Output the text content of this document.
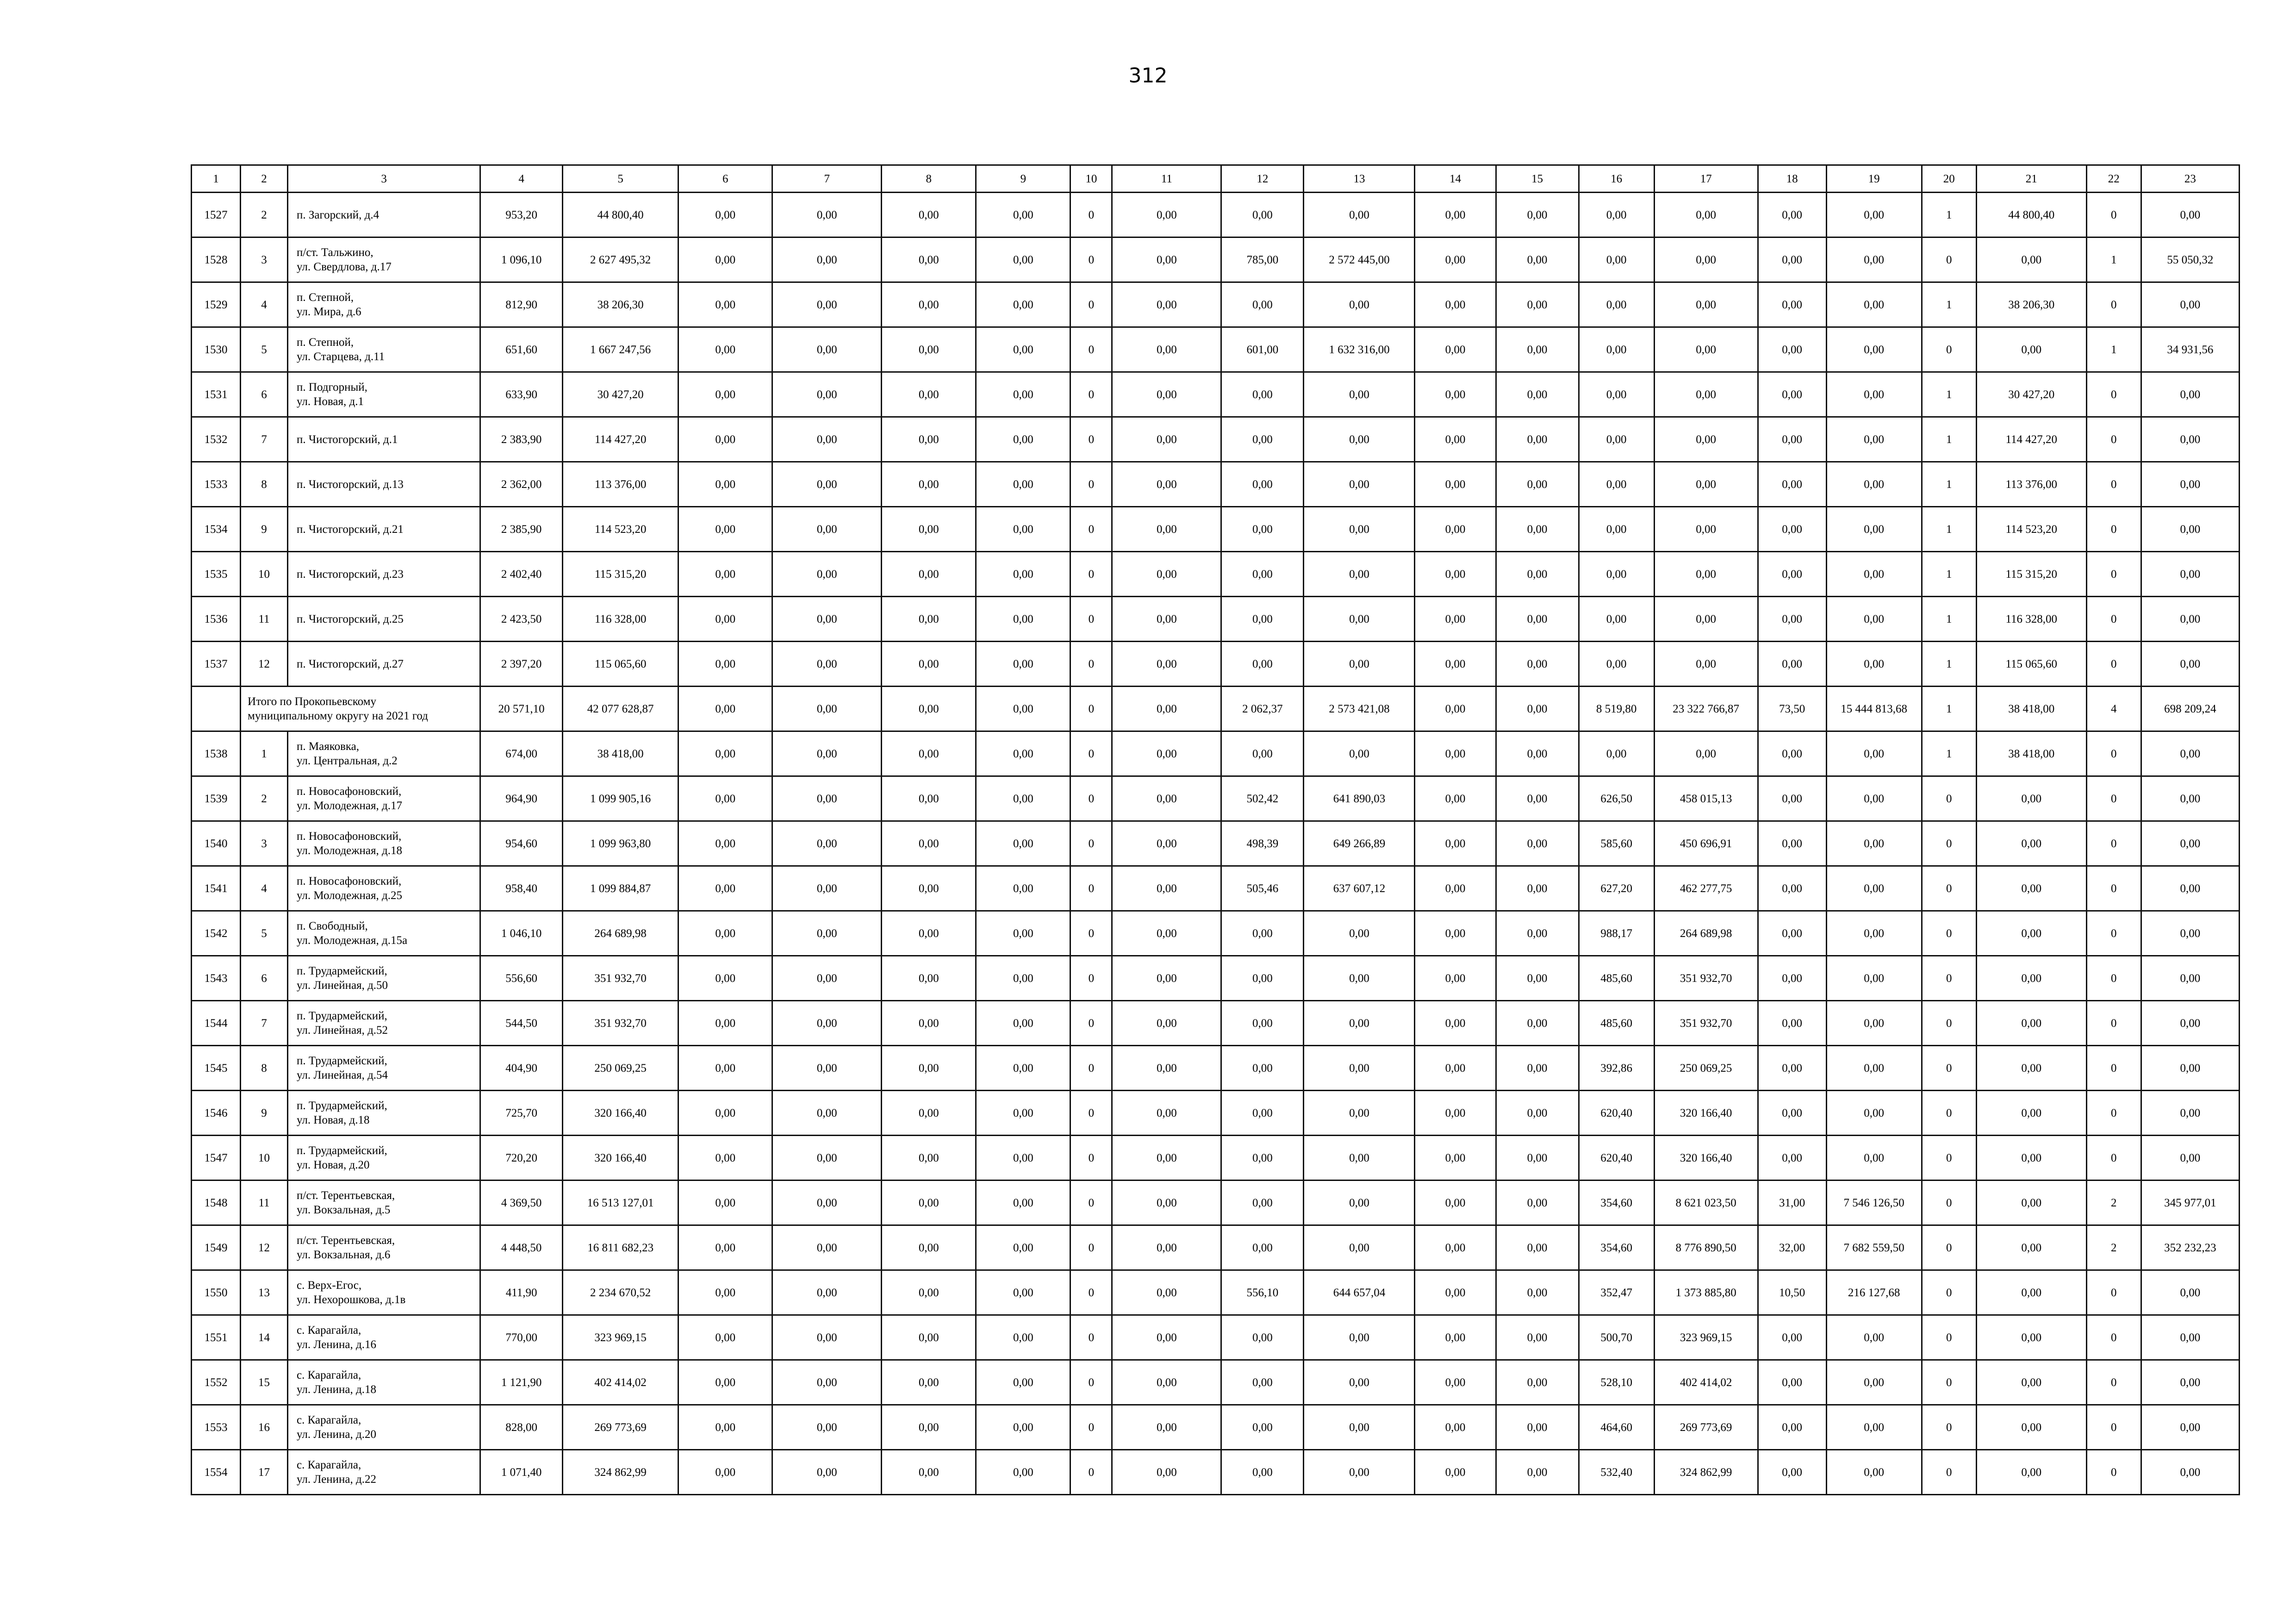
312
1	2	3	4	5	6	7	8	9	10	11	12	13	14	15	16	17	18	19	20	21	22	23
1527	2	п. Загорский, д.4	953,20	44 800,40	0,00	0,00	0,00	0,00	0	0,00	0,00	0,00	0,00	0,00	0,00	0,00	0,00	0,00	1	44 800,40	0	0,00
1528	3	п/ст. Тальжино,
ул. Свердлова, д.17	1 096,10	2 627 495,32	0,00	0,00	0,00	0,00	0	0,00	785,00	2 572 445,00	0,00	0,00	0,00	0,00	0,00	0,00	0	0,00	1	55 050,32
1529	4	п. Степной,
ул. Мира, д.6	812,90	38 206,30	0,00	0,00	0,00	0,00	0	0,00	0,00	0,00	0,00	0,00	0,00	0,00	0,00	0,00	1	38 206,30	0	0,00
1530	5	п. Степной,
ул. Старцева, д.11	651,60	1 667 247,56	0,00	0,00	0,00	0,00	0	0,00	601,00	1 632 316,00	0,00	0,00	0,00	0,00	0,00	0,00	0	0,00	1	34 931,56
1531	6	п. Подгорный,
ул. Новая, д.1	633,90	30 427,20	0,00	0,00	0,00	0,00	0	0,00	0,00	0,00	0,00	0,00	0,00	0,00	0,00	0,00	1	30 427,20	0	0,00
1532	7	п. Чистогорский, д.1	2 383,90	114 427,20	0,00	0,00	0,00	0,00	0	0,00	0,00	0,00	0,00	0,00	0,00	0,00	0,00	0,00	1	114 427,20	0	0,00
1533	8	п. Чистогорский, д.13	2 362,00	113 376,00	0,00	0,00	0,00	0,00	0	0,00	0,00	0,00	0,00	0,00	0,00	0,00	0,00	0,00	1	113 376,00	0	0,00
1534	9	п. Чистогорский, д.21	2 385,90	114 523,20	0,00	0,00	0,00	0,00	0	0,00	0,00	0,00	0,00	0,00	0,00	0,00	0,00	0,00	1	114 523,20	0	0,00
1535	10	п. Чистогорский, д.23	2 402,40	115 315,20	0,00	0,00	0,00	0,00	0	0,00	0,00	0,00	0,00	0,00	0,00	0,00	0,00	0,00	1	115 315,20	0	0,00
1536	11	п. Чистогорский, д.25	2 423,50	116 328,00	0,00	0,00	0,00	0,00	0	0,00	0,00	0,00	0,00	0,00	0,00	0,00	0,00	0,00	1	116 328,00	0	0,00
1537	12	п. Чистогорский, д.27	2 397,20	115 065,60	0,00	0,00	0,00	0,00	0	0,00	0,00	0,00	0,00	0,00	0,00	0,00	0,00	0,00	1	115 065,60	0	0,00
	Итого по Прокопьевскому
муниципальному округу на 2021 год		20 571,10	42 077 628,87	0,00	0,00	0,00	0,00	0	0,00	2 062,37	2 573 421,08	0,00	0,00	8 519,80	23 322 766,87	73,50	15 444 813,68	1	38 418,00	4	698 209,24
1538	1	п. Маяковка,
ул. Центральная, д.2	674,00	38 418,00	0,00	0,00	0,00	0,00	0	0,00	0,00	0,00	0,00	0,00	0,00	0,00	0,00	0,00	1	38 418,00	0	0,00
1539	2	п. Новосафоновский,
ул. Молодежная, д.17	964,90	1 099 905,16	0,00	0,00	0,00	0,00	0	0,00	502,42	641 890,03	0,00	0,00	626,50	458 015,13	0,00	0,00	0	0,00	0	0,00
1540	3	п. Новосафоновский,
ул. Молодежная, д.18	954,60	1 099 963,80	0,00	0,00	0,00	0,00	0	0,00	498,39	649 266,89	0,00	0,00	585,60	450 696,91	0,00	0,00	0	0,00	0	0,00
1541	4	п. Новосафоновский,
ул. Молодежная, д.25	958,40	1 099 884,87	0,00	0,00	0,00	0,00	0	0,00	505,46	637 607,12	0,00	0,00	627,20	462 277,75	0,00	0,00	0	0,00	0	0,00
1542	5	п. Свободный,
ул. Молодежная, д.15а	1 046,10	264 689,98	0,00	0,00	0,00	0,00	0	0,00	0,00	0,00	0,00	0,00	988,17	264 689,98	0,00	0,00	0	0,00	0	0,00
1543	6	п. Трудармейский,
ул. Линейная, д.50	556,60	351 932,70	0,00	0,00	0,00	0,00	0	0,00	0,00	0,00	0,00	0,00	485,60	351 932,70	0,00	0,00	0	0,00	0	0,00
1544	7	п. Трудармейский,
ул. Линейная, д.52	544,50	351 932,70	0,00	0,00	0,00	0,00	0	0,00	0,00	0,00	0,00	0,00	485,60	351 932,70	0,00	0,00	0	0,00	0	0,00
1545	8	п. Трудармейский,
ул. Линейная, д.54	404,90	250 069,25	0,00	0,00	0,00	0,00	0	0,00	0,00	0,00	0,00	0,00	392,86	250 069,25	0,00	0,00	0	0,00	0	0,00
1546	9	п. Трудармейский,
ул. Новая, д.18	725,70	320 166,40	0,00	0,00	0,00	0,00	0	0,00	0,00	0,00	0,00	0,00	620,40	320 166,40	0,00	0,00	0	0,00	0	0,00
1547	10	п. Трудармейский,
ул. Новая, д.20	720,20	320 166,40	0,00	0,00	0,00	0,00	0	0,00	0,00	0,00	0,00	0,00	620,40	320 166,40	0,00	0,00	0	0,00	0	0,00
1548	11	п/ст. Терентьевская,
ул. Вокзальная, д.5	4 369,50	16 513 127,01	0,00	0,00	0,00	0,00	0	0,00	0,00	0,00	0,00	0,00	354,60	8 621 023,50	31,00	7 546 126,50	0	0,00	2	345 977,01
1549	12	п/ст. Терентьевская,
ул. Вокзальная, д.6	4 448,50	16 811 682,23	0,00	0,00	0,00	0,00	0	0,00	0,00	0,00	0,00	0,00	354,60	8 776 890,50	32,00	7 682 559,50	0	0,00	2	352 232,23
1550	13	с. Верх-Егос,
ул. Нехорошкова, д.1в	411,90	2 234 670,52	0,00	0,00	0,00	0,00	0	0,00	556,10	644 657,04	0,00	0,00	352,47	1 373 885,80	10,50	216 127,68	0	0,00	0	0,00
1551	14	с. Карагайла,
ул. Ленина, д.16	770,00	323 969,15	0,00	0,00	0,00	0,00	0	0,00	0,00	0,00	0,00	0,00	500,70	323 969,15	0,00	0,00	0	0,00	0	0,00
1552	15	с. Карагайла,
ул. Ленина, д.18	1 121,90	402 414,02	0,00	0,00	0,00	0,00	0	0,00	0,00	0,00	0,00	0,00	528,10	402 414,02	0,00	0,00	0	0,00	0	0,00
1553	16	с. Карагайла,
ул. Ленина, д.20	828,00	269 773,69	0,00	0,00	0,00	0,00	0	0,00	0,00	0,00	0,00	0,00	464,60	269 773,69	0,00	0,00	0	0,00	0	0,00
1554	17	с. Карагайла,
ул. Ленина, д.22	1 071,40	324 862,99	0,00	0,00	0,00	0,00	0	0,00	0,00	0,00	0,00	0,00	532,40	324 862,99	0,00	0,00	0	0,00	0	0,00
